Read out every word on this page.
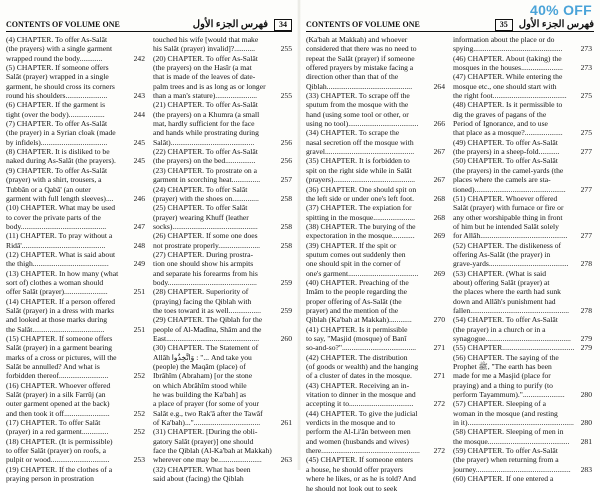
CONTENTS OF VOLUME ONE	فهرس الجزء الأول	34
(4) CHAPTER. To offer As-Salât
(the prayers) with a single garment
wrapped round the body............	242
(5) CHAPTER. If someone offers
Salât (prayer) wrapped in a single
garment, he should cross its corners
round his shoulders......................	243
(6) CHAPTER. If the garment is
tight (over the body)...................	244
(7) CHAPTER. To offer As-Salât
(the prayer) in a Syrian cloak (made
by infidels)...................................	245
(8) CHAPTER. It is disliked to be
naked during As-Salât (the prayers).	245
(9) CHAPTER. To offer As-Salât
(prayer) with a shirt, trousers, a
Tubbân or a Qabâ' (an outer
garment with full length sleeves)....	246
(10) CHAPTER. What may be used
to cover the private parts of the
body.............................................	247
(11) CHAPTER. To pray without a
Ridâ'............................................	248
(12) CHAPTER. What is said about
the thigh........................................	249
(13) CHAPTER. In how many (what
sort of) clothes a woman should
offer Salât (prayer).......................	251
(14) CHAPTER. If a person offered
Salât (prayer) in a dress with marks
and looked at those marks during
the Salât......................................	251
(15) CHAPTER. If someone offers
Salât (prayer) in a garment bearing
marks of a cross or pictures, will the
Salât be annulled? And what is
forbidden thereof..........................	252
(16) CHAPTER. Whoever offered
Salât (prayer) in a silk Farrûj (an
outer garment opened at the back)
and then took it off........................	252
(17) CHAPTER. To offer Salât
(prayer) in a red garment..............	252
(18) CHAPTER. (It is permissible)
to offer Salât (prayer) on roofs, a
pulpit or wood...............................	253
(19) CHAPTER. If the clothes of a
praying person in prostration
touched his wife [would that make
his Salât (prayer) invalid]?...........	255
(20) CHAPTER. To offer As-Salât
(the prayers) on the Hasîr (a mat
that is made of the leaves of date-
palm trees and is as long as or longer
than a man's stature)......................	255
(21) CHAPTER. To offer As-Salât
(the prayers) on a Khumra (a small
mat, hardly sufficient for the face
and hands while prostrating during
Salât)............................................	256
(22) CHAPTER. To offer As-Salât
(the prayers) on the bed................	256
(23) CHAPTER. To prostrate on a
garment in scorching heat...............	257
(24) CHAPTER. To offer Salât
(prayer) with the shoes on..............	258
(25) CHAPTER. To offer Salât
(prayer) wearing Khuff (leather
socks).............................................	258
(26) CHAPTER. If some one does
not prostrate properly......................	258
(27) CHAPTER. During prostra-
tion one should show his armpits
and separate his forearms from his
body...............................................	259
(28) CHAPTER. Superiority of
(praying) facing the Qiblah with
the toes toward it as well.................	259
(29) CHAPTER. The Qiblah for the
people of Al-Madîna, Shâm and the
East.................................................	260
(30) CHAPTER. The Statement of
Allâh وَاتَّخِذُوا : "... And take you
(people) the Maqâm (place) of
Ibrâhîm (Abraham) [or the stone
on which Abrâhîm stood while
he was building the Ka'bah] as
a place of prayer (for some of your
Salât e.g., two Rak'â after the Tawâf
of Ka'bah)..."...................................	261
(31) CHAPTER. [During the obli-
gatory Salât (prayer)] one should
face the Qiblah (Al-Ka'bah at Makkah)
wherever one may be.......................	263
(32) CHAPTER. What has been
said about (facing) the Qiblah
CONTENTS OF VOLUME ONE	35	فهرس الجزء الأول
(Ka'bah at Makkah) and whoever
considered that there was no need to
repeat the Salât (prayer) if someone
offered prayers by mistake facing a
direction other than that of the
Qiblah.............................................	264
(33) CHAPTER. To scrape off the
sputum from the mosque with the
hand (using some tool or other, or
using no tool).....................................	266
(34) CHAPTER. To scrape the
nasal secretion off the mosque with
gravel...............................................	267
(35) CHAPTER. It is forbidden to
spit on the right side while in Salât
(prayers)...........................................	267
(36) CHAPTER. One should spit on
the left side or under one's left foot.	268
(37) CHAPTER. The expiation for
spitting in the mosque......................	268
(38) CHAPTER. The burying of the
expectoration in the mosque............	269
(39) CHAPTER. If the spit or
sputum comes out suddenly then
one should spit in the corner of
one's garment.....................................	269
(40) CHAPTER. Preaching of the
Imâm to the people regarding the
proper offering of As-Salât (the
prayer) and the mention of the
Qiblah (Ka'bah at Makkah)............	270
(41) CHAPTER. Is it permissible
to say, "Masjid (mosque) of Banî
so-and-so?".......................................	271
(42) CHAPTER. The distribution
(of goods or wealth) and the hanging
of a cluster of dates in the mosque.	271
(43) CHAPTER. Receiving an in-
vitation to dinner in the mosque and
accepting it to..................................	272
(44) CHAPTER. To give the judicial
verdicts in the mosque and to
perform the Al-Li'ân between men
and women (husbands and wives)
there....................................................	272
(45) CHAPTER. If someone enters
a house, he should offer prayers
where he likes, or as he is told? And
he should not look out to seek
information about the place or do
spying...............................................	273
(46) CHAPTER. About (taking) the
mosques in the houses......................	273
(47) CHAPTER. While entering the
mosque etc., one should start with
the right foot.......................................	275
(48) CHAPTER. Is it permissible to
dig the graves of pagans of the
Period of Ignorance, and to use
that place as a mosque?....................	275
(49) CHAPTER. To offer As-Salât
(the prayers) in a sheep-fold...........	277
(50) CHAPTER. To offer As-Salât
(the prayers) in the camel-yards (the
places where the camels are sta-
tioned)................................................	277
(51) CHAPTER. Whoever offered
Salât (prayer) with furnace or fire or
any other worshipable thing in front
of him but he intended Salât solely
for Allâh..............................................	277
(52) CHAPTER. The dislikeness of
offering As-Salât (the prayer) in
grave-yards..........................................	278
(53) CHAPTER. (What is said
about) offering Salât (prayer) at
the places where the earth had sunk
down and Allâh's punishment had
fallen....................................................	278
(54) CHAPTER. To offer As-Salât
(the prayer) in a church or in a
synagogue.............................................	279
(55) CHAPTER...................................... 279
(56) CHAPTER. The saying of the
Prophet ﷺ, "The earth has been
made for me a Masjid (place for
praying) and a thing to purify (to
perform Tayammum)."......................	280
(57) CHAPTER. Sleeping of a
woman in the mosque (and resting
in it)........................................................ 280
(58) CHAPTER. Sleeping of men in
the mosque...........................................	281
(59) CHAPTER. To offer As-Salât
(the prayer) when returning from a
journey..................................................	283
(60) CHAPTER. If one entered a
40% OFF
